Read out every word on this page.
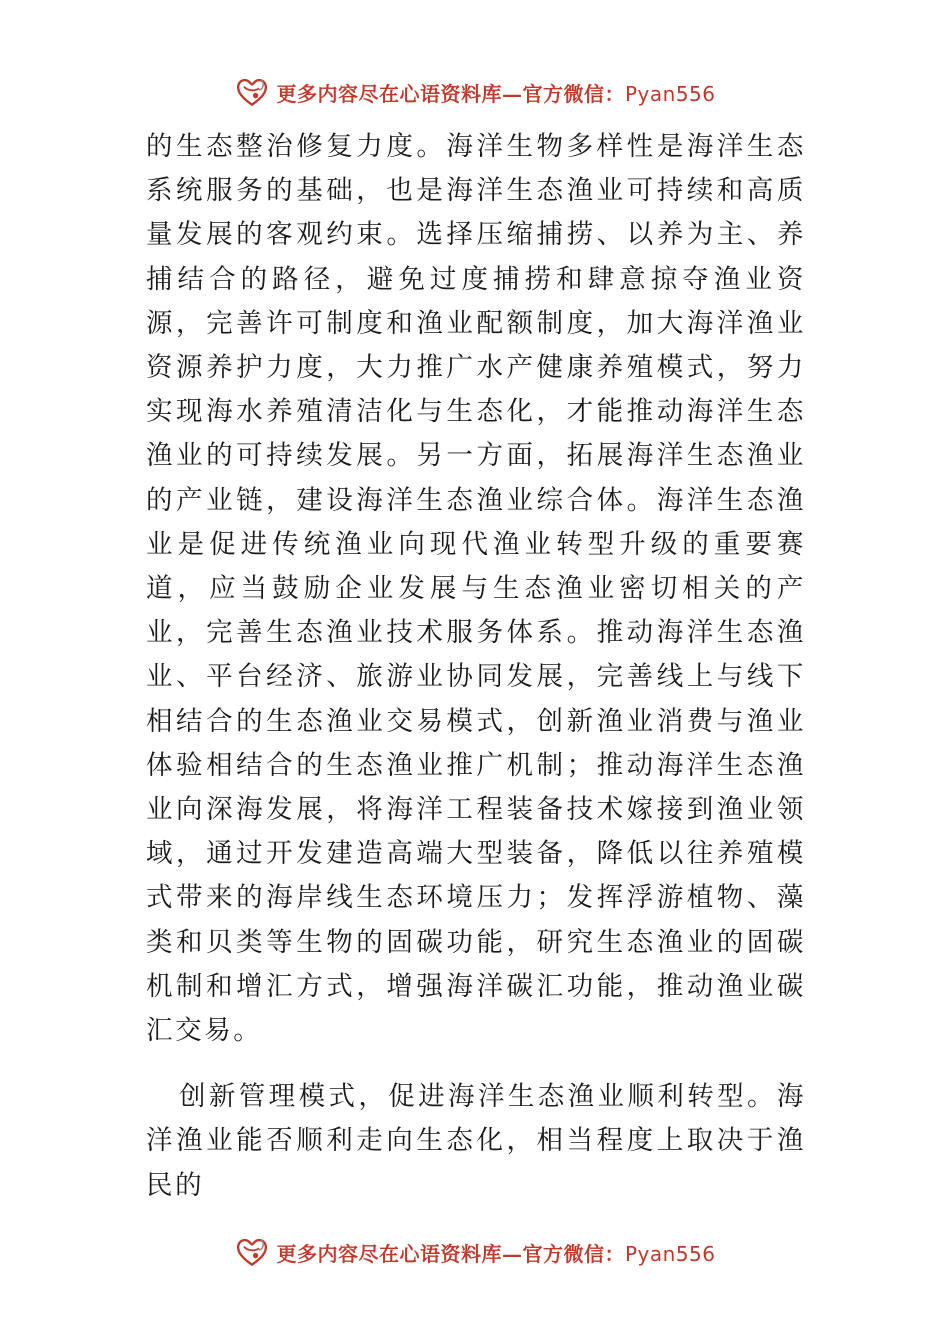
更多内容尽在心语资料库—官方微信：Pyan556

的生态整治修复力度。海洋生物多样性是海洋生态系统服务的基础，也是海洋生态渔业可持续和高质量发展的客观约束。选择压缩捕捞、以养为主、养捕结合的路径，避免过度捕捞和肆意掠夺渔业资源，完善许可制度和渔业配额制度，加大海洋渔业资源养护力度，大力推广水产健康养殖模式，努力实现海水养殖清洁化与生态化，才能推动海洋生态渔业的可持续发展。另一方面，拓展海洋生态渔业的产业链，建设海洋生态渔业综合体。海洋生态渔业是促进传统渔业向现代渔业转型升级的重要赛道，应当鼓励企业发展与生态渔业密切相关的产业，完善生态渔业技术服务体系。推动海洋生态渔业、平台经济、旅游业协同发展，完善线上与线下相结合的生态渔业交易模式，创新渔业消费与渔业体验相结合的生态渔业推广机制；推动海洋生态渔业向深海发展，将海洋工程装备技术嫁接到渔业领域，通过开发建造高端大型装备，降低以往养殖模式带来的海岸线生态环境压力；发挥浮游植物、藻类和贝类等生物的固碳功能，研究生态渔业的固碳机制和增汇方式，增强海洋碳汇功能，推动渔业碳汇交易。

创新管理模式，促进海洋生态渔业顺利转型。海洋渔业能否顺利走向生态化，相当程度上取决于渔民的

更多内容尽在心语资料库—官方微信：Pyan556
